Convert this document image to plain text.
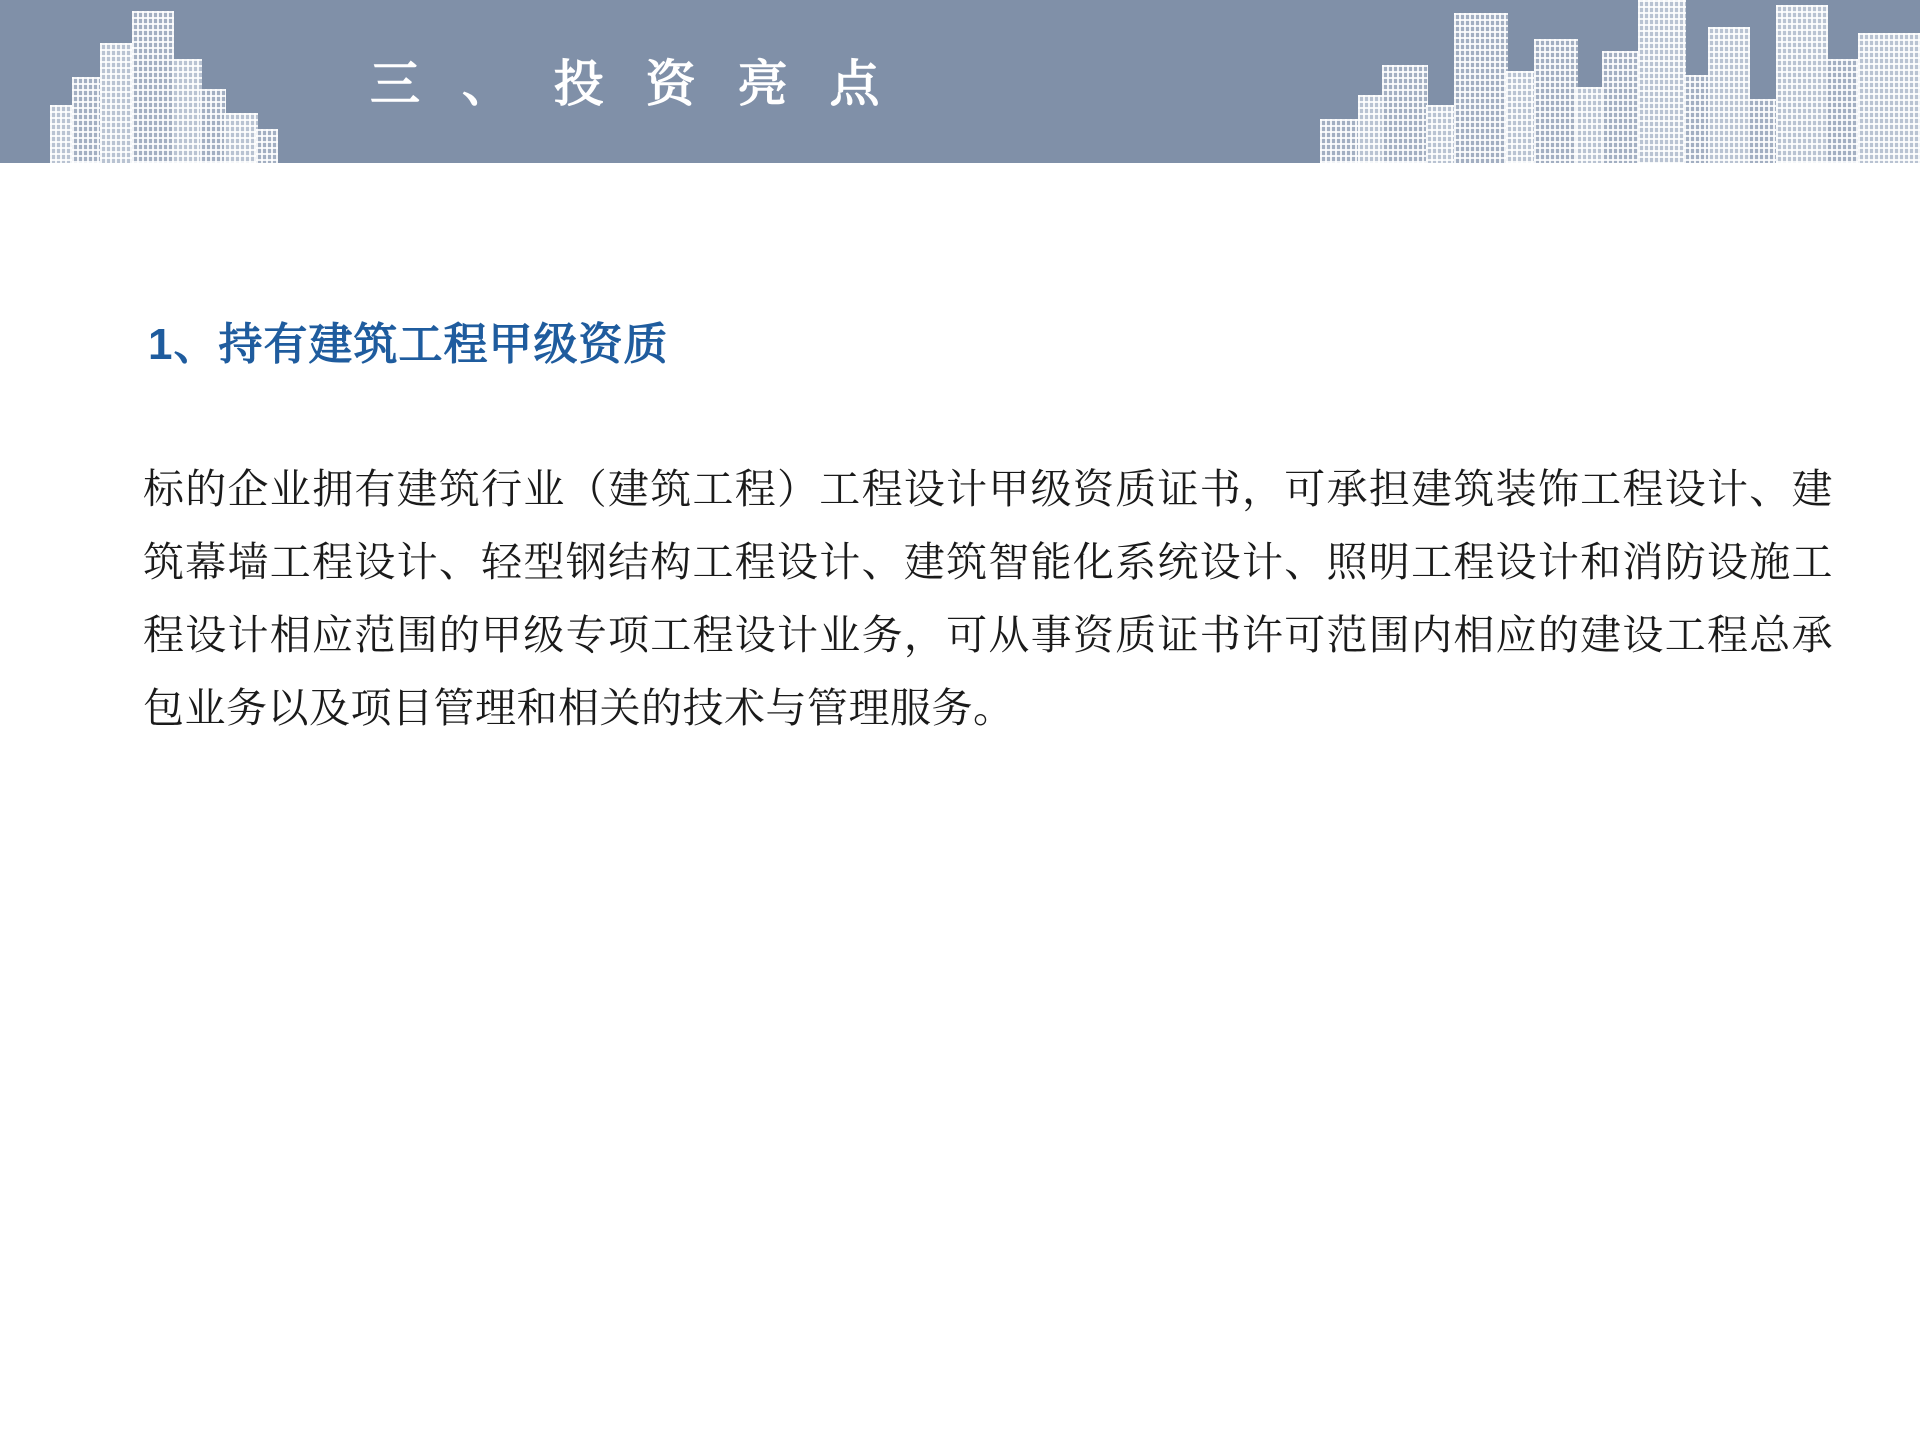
三 、 投 资 亮 点
1、持有建筑工程甲级资质
标的企业拥有建筑行业（建筑工程）工程设计甲级资质证书，可承担建筑装饰工程设计、建筑幕墙工程设计、轻型钢结构工程设计、建筑智能化系统设计、照明工程设计和消防设施工程设计相应范围的甲级专项工程设计业务，可从事资质证书许可范围内相应的建设工程总承包业务以及项目管理和相关的技术与管理服务。
